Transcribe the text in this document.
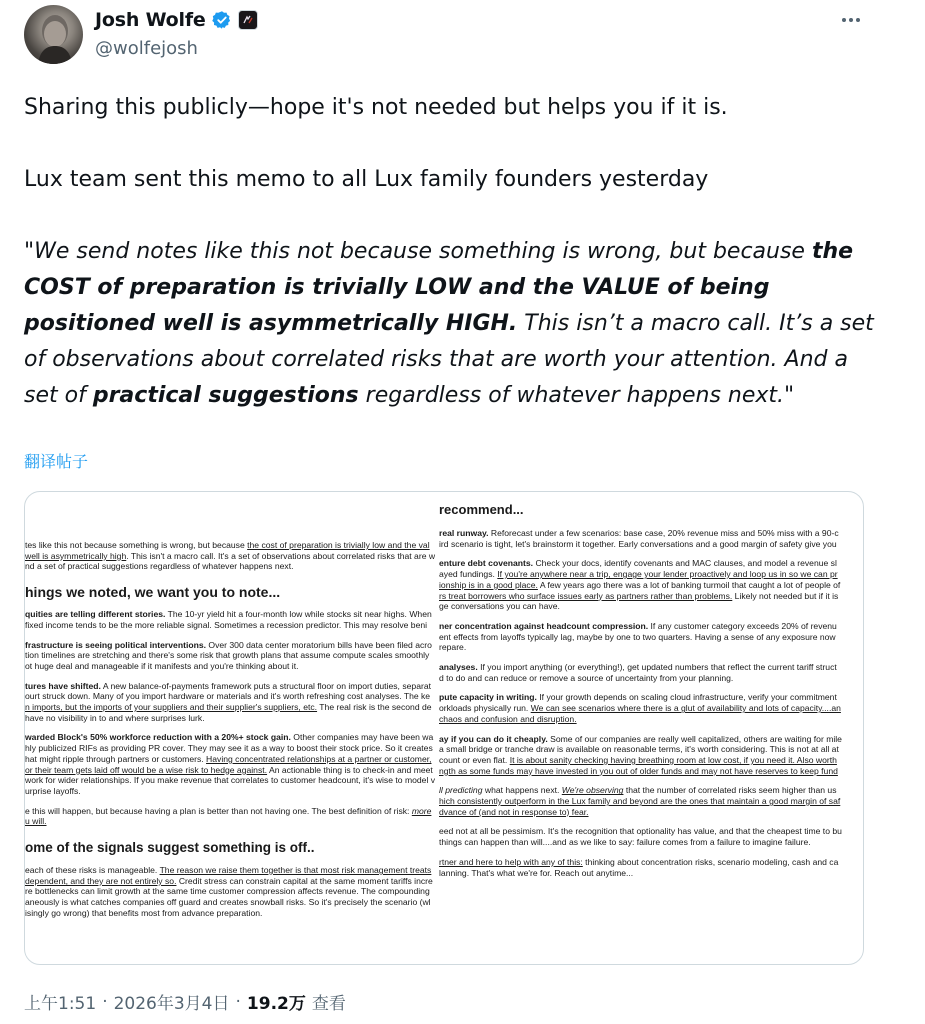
Josh Wolfe
@wolfejosh

Sharing this publicly—hope it's not needed but helps you if it is.

Lux team sent this memo to all Lux family founders yesterday

"We send notes like this not because something is wrong, but because the COST of preparation is trivially LOW and the VALUE of being positioned well is asymmetrically HIGH. This isn’t a macro call. It’s a set of observations about correlated risks that are worth your attention. And a set of practical suggestions regardless of whatever happens next."

翻译帖子
tes like this not because something is wrong, but because the cost of preparation is trivially low and the val
well is asymmetrically high. This isn't a macro call. It's a set of observations about correlated risks that are w
nd a set of practical suggestions regardless of whatever happens next.
hings we noted, we want you to note...
quities are telling different stories. The 10-yr yield hit a four-month low while stocks sit near highs. When
fixed income tends to be the more reliable signal. Sometimes a recession predictor. This may resolve beni
frastructure is seeing political interventions. Over 300 data center moratorium bills have been filed acro
tion timelines are stretching and there's some risk that growth plans that assume compute scales smoothly
ot huge deal and manageable if it manifests and you're thinking about it.
tures have shifted. A new balance-of-payments framework puts a structural floor on import duties, separat
ourt struck down. Many of you import hardware or materials and it's worth refreshing cost analyses. The ke
n imports, but the imports of your suppliers and their supplier's suppliers, etc. The real risk is the second de
have no visibility in to and where surprises lurk.
warded Block's 50% workforce reduction with a 20%+ stock gain. Other companies may have been wa
hly publicized RIFs as providing PR cover. They may see it as a way to boost their stock price. So it creates
hat might ripple through partners or customers. Having concentrated relationships at a partner or customer,
or their team gets laid off would be a wise risk to hedge against. An actionable thing is to check-in and meet
work for wider relationships. If you make revenue that correlates to customer headcount, it's wise to model v
urprise layoffs.
e this will happen, but because having a plan is better than not having one. The best definition of risk: more
u will.
ome of the signals suggest something is off..
each of these risks is manageable. The reason we raise them together is that most risk management treats
dependent, and they are not entirely so. Credit stress can constrain capital at the same moment tariffs incre
re bottlenecks can limit growth at the same time customer compression affects revenue. The compounding
aneously is what catches companies off guard and creates snowball risks. So it's precisely the scenario (wl
isingly go wrong) that benefits most from advance preparation.
recommend...
real runway. Reforecast under a few scenarios: base case, 20% revenue miss and 50% miss with a 90-c
ird scenario is tight, let's brainstorm it together. Early conversations and a good margin of safety give you
enture debt covenants. Check your docs, identify covenants and MAC clauses, and model a revenue sl
ayed fundings. If you're anywhere near a trip, engage your lender proactively and loop us in so we can pr
ionship is in a good place. A few years ago there was a lot of banking turmoil that caught a lot of people of
rs treat borrowers who surface issues early as partners rather than problems. Likely not needed but if it is
ge conversations you can have.
ner concentration against headcount compression. If any customer category exceeds 20% of revenu
ent effects from layoffs typically lag, maybe by one to two quarters. Having a sense of any exposure now
repare.
analyses. If you import anything (or everything!), get updated numbers that reflect the current tariff struct
d to do and can reduce or remove a source of uncertainty from your planning.
pute capacity in writing. If your growth depends on scaling cloud infrastructure, verify your commitment
orkloads physically run. We can see scenarios where there is a glut of availability and lots of capacity....an
chaos and confusion and disruption.
ay if you can do it cheaply. Some of our companies are really well capitalized, others are waiting for mile
a small bridge or tranche draw is available on reasonable terms, it's worth considering. This is not at all at
count or even flat. It is about sanity checking having breathing room at low cost, if you need it. Also worth
ngth as some funds may have invested in you out of older funds and may not have reserves to keep fund
ll predicting what happens next. We're observing that the number of correlated risks seem higher than us
hich consistently outperform in the Lux family and beyond are the ones that maintain a good margin of saf
dvance of (and not in response to) fear.
eed not at all be pessimism. It's the recognition that optionality has value, and that the cheapest time to bu
things can happen than will....and as we like to say: failure comes from a failure to imagine failure.
rtner and here to help with any of this: thinking about concentration risks, scenario modeling, cash and ca
lanning. That's what we're for. Reach out anytime...
上午1:51 · 2026年3月4日 · 19.2万 查看
